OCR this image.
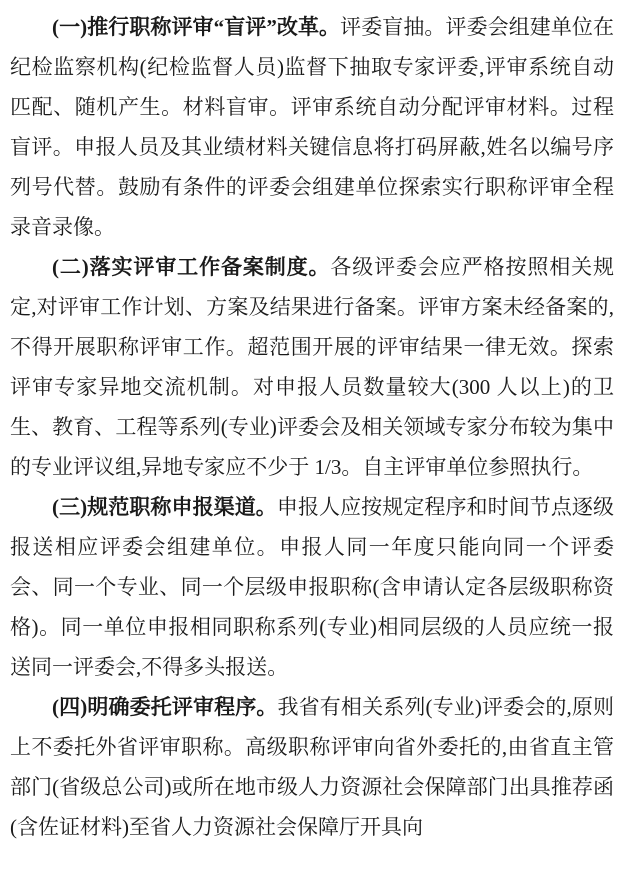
(一)推行职称评审“盲评”改革。评委盲抽。评委会组建单位在纪检监察机构(纪检监督人员)监督下抽取专家评委,评审系统自动匹配、随机产生。材料盲审。评审系统自动分配评审材料。过程盲评。申报人员及其业绩材料关键信息将打码屏蔽,姓名以编号序列号代替。鼓励有条件的评委会组建单位探索实行职称评审全程录音录像。

(二)落实评审工作备案制度。各级评委会应严格按照相关规定,对评审工作计划、方案及结果进行备案。评审方案未经备案的,不得开展职称评审工作。超范围开展的评审结果一律无效。探索评审专家异地交流机制。对申报人员数量较大(300 人以上)的卫生、教育、工程等系列(专业)评委会及相关领域专家分布较为集中的专业评议组,异地专家应不少于 1/3。自主评审单位参照执行。

(三)规范职称申报渠道。申报人应按规定程序和时间节点逐级报送相应评委会组建单位。申报人同一年度只能向同一个评委会、同一个专业、同一个层级申报职称(含申请认定各层级职称资格)。同一单位申报相同职称系列(专业)相同层级的人员应统一报送同一评委会,不得多头报送。

(四)明确委托评审程序。我省有相关系列(专业)评委会的,原则上不委托外省评审职称。高级职称评审向省外委托的,由省直主管部门(省级总公司)或所在地市级人力资源社会保障部门出具推荐函(含佐证材料)至省人力资源社会保障厅开具向
